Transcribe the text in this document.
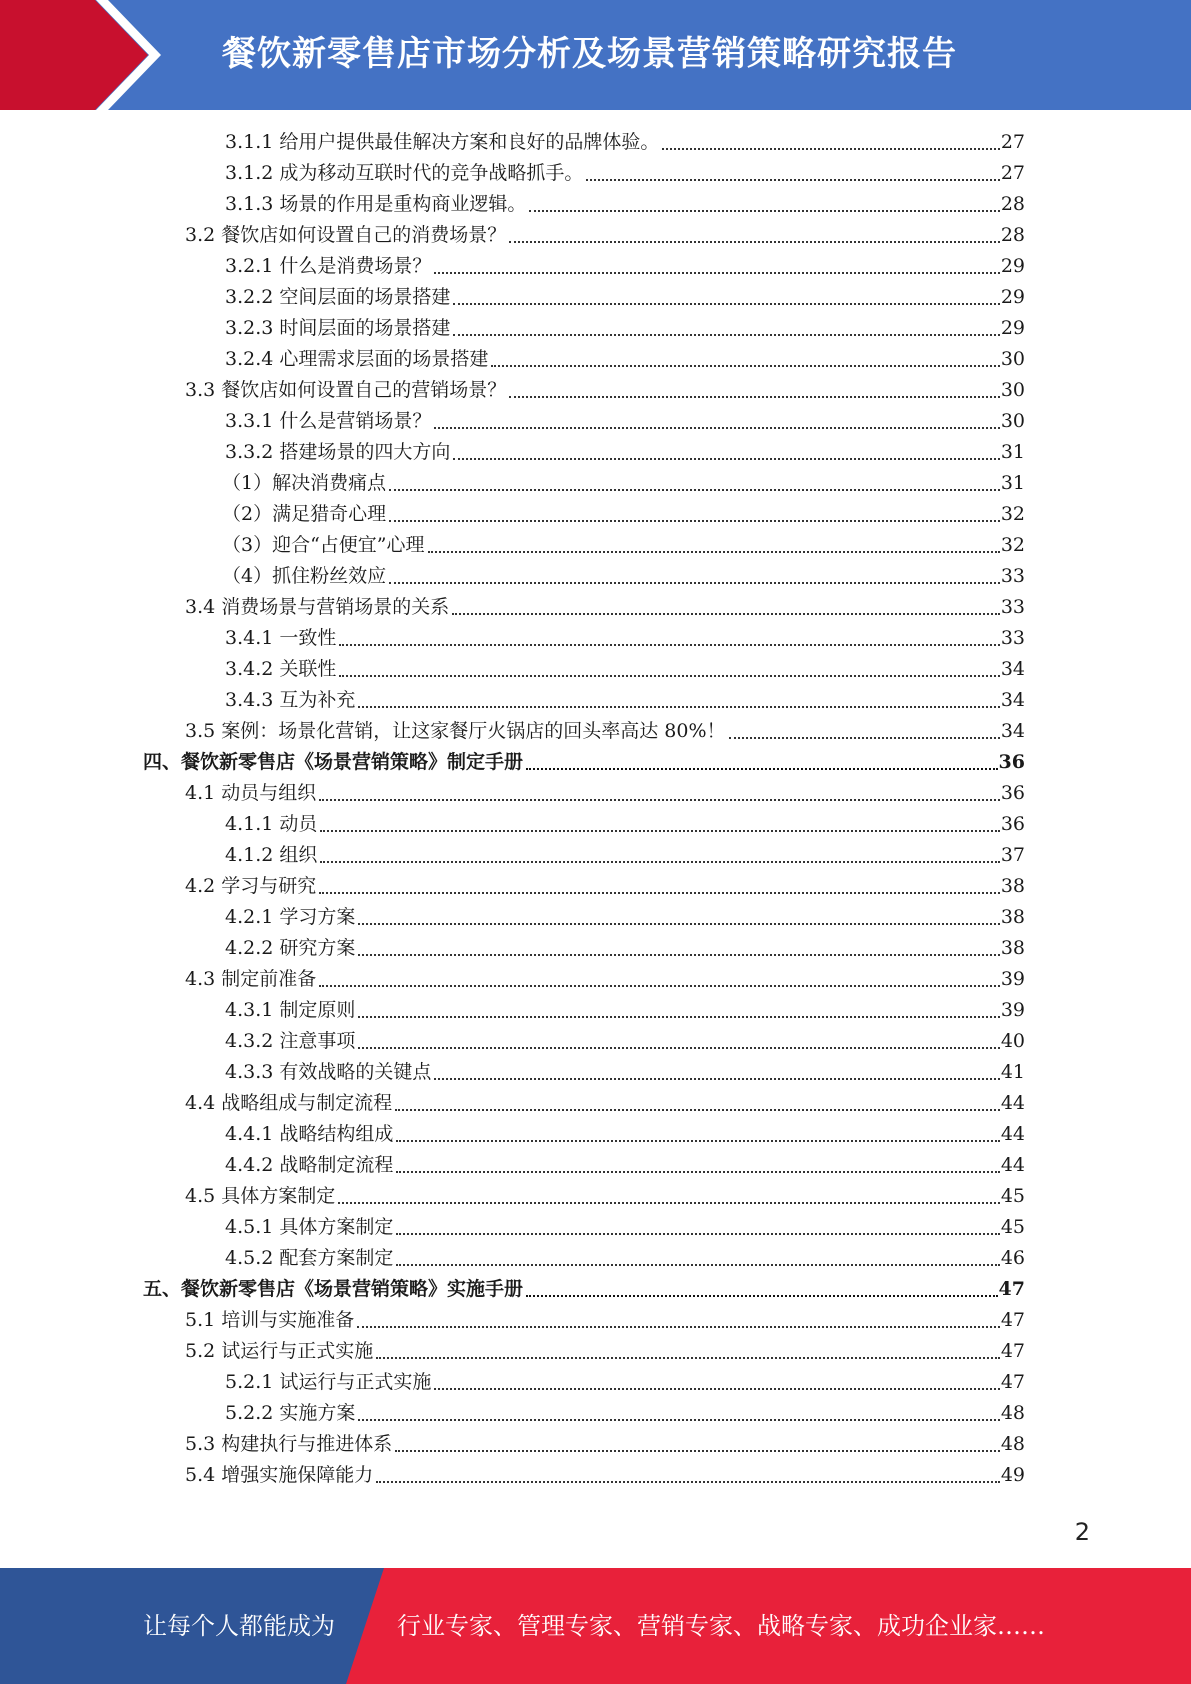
餐饮新零售店市场分析及场景营销策略研究报告
3.1.1 给用户提供最佳解决方案和良好的品牌体验。	27
3.1.2 成为移动互联时代的竞争战略抓手。	27
3.1.3 场景的作用是重构商业逻辑。	28
3.2 餐饮店如何设置自己的消费场景？	28
3.2.1 什么是消费场景？	29
3.2.2 空间层面的场景搭建	29
3.2.3 时间层面的场景搭建	29
3.2.4 心理需求层面的场景搭建	30
3.3 餐饮店如何设置自己的营销场景？	30
3.3.1 什么是营销场景？	30
3.3.2 搭建场景的四大方向	31
（1）解决消费痛点	31
（2）满足猎奇心理	32
（3）迎合“占便宜”心理	32
（4）抓住粉丝效应	33
3.4 消费场景与营销场景的关系	33
3.4.1 一致性	33
3.4.2 关联性	34
3.4.3 互为补充	34
3.5 案例：场景化营销，让这家餐厅火锅店的回头率高达 80%！	34
四、餐饮新零售店《场景营销策略》制定手册	36
4.1 动员与组织	36
4.1.1 动员	36
4.1.2 组织	37
4.2 学习与研究	38
4.2.1 学习方案	38
4.2.2 研究方案	38
4.3 制定前准备	39
4.3.1 制定原则	39
4.3.2 注意事项	40
4.3.3 有效战略的关键点	41
4.4 战略组成与制定流程	44
4.4.1 战略结构组成	44
4.4.2 战略制定流程	44
4.5 具体方案制定	45
4.5.1 具体方案制定	45
4.5.2 配套方案制定	46
五、餐饮新零售店《场景营销策略》实施手册	47
5.1 培训与实施准备	47
5.2 试运行与正式实施	47
5.2.1 试运行与正式实施	47
5.2.2 实施方案	48
5.3 构建执行与推进体系	48
5.4 增强实施保障能力	49
2
让每个人都能成为	行业专家、管理专家、营销专家、战略专家、成功企业家……
